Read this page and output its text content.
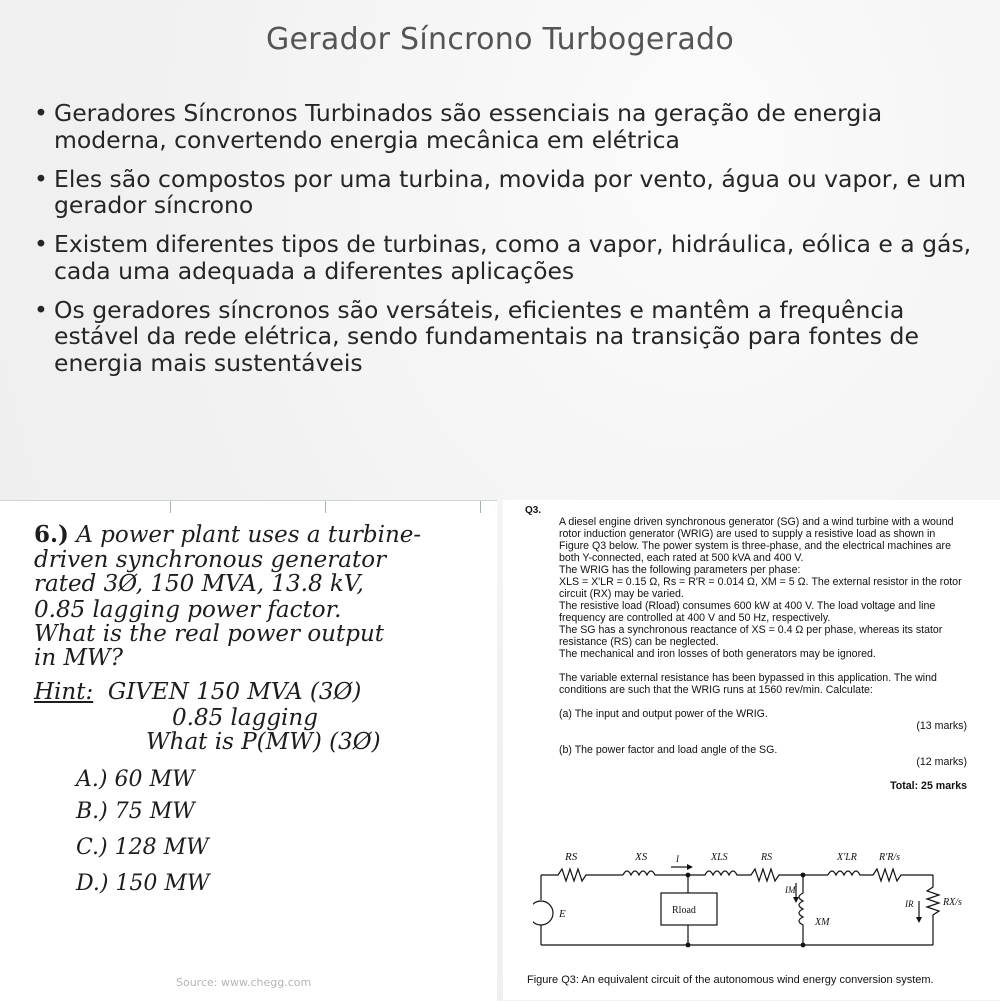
Gerador Síncrono Turbogerado
• Geradores Síncronos Turbinados são essenciais na geração de energia moderna, convertendo energia mecânica em elétrica
• Eles são compostos por uma turbina, movida por vento, água ou vapor, e um gerador síncrono
• Existem diferentes tipos de turbinas, como a vapor, hidráulica, eólica e a gás, cada uma adequada a diferentes aplicações
• Os geradores síncronos são versáteis, eficientes e mantêm a frequência estável da rede elétrica, sendo fundamentais na transição para fontes de energia mais sustentáveis
6.) A power plant uses a turbine-
driven synchronous generator
rated 3Ø, 150 MVA, 13.8 kV,
0.85 lagging power factor.
What is the real power output
in MW?
Hint: GIVEN 150 MVA (3Ø)
0.85 lagging
What is P(MW) (3Ø)
A.) 60 MW
B.) 75 MW
C.) 128 MW
D.) 150 MW
Source: www.chegg.com
Q3.

A diesel engine driven synchronous generator (SG) and a wind turbine with a wound rotor induction generator (WRIG) are used to supply a resistive load as shown in Figure Q3 below. The power system is three-phase, and the electrical machines are both Y-connected, each rated at 500 kVA and 400 V.

The WRIG has the following parameters per phase:

XLS = X'LR = 0.15 Ω, Rs = R'R = 0.014 Ω, XM = 5 Ω. The external resistor in the rotor circuit (RX) may be varied.

The resistive load (Rload) consumes 600 kW at 400 V. The load voltage and line frequency are controlled at 400 V and 50 Hz, respectively.

The SG has a synchronous reactance of XS = 0.4 Ω per phase, whereas its stator resistance (RS) can be neglected.

The mechanical and iron losses of both generators may be ignored.

The variable external resistance has been bypassed in this application. The wind conditions are such that the WRIG runs at 1560 rev/min. Calculate:

(a) The input and output power of the WRIG.

(13 marks)

(b) The power factor and load angle of the SG.

(12 marks)

Total: 25 marks

RS	XS	I	XLS	RS	X'LR R'R/s
IM
IR	RX/s
E	Rload
XM
Figure Q3: An equivalent circuit of the autonomous wind energy conversion system.
